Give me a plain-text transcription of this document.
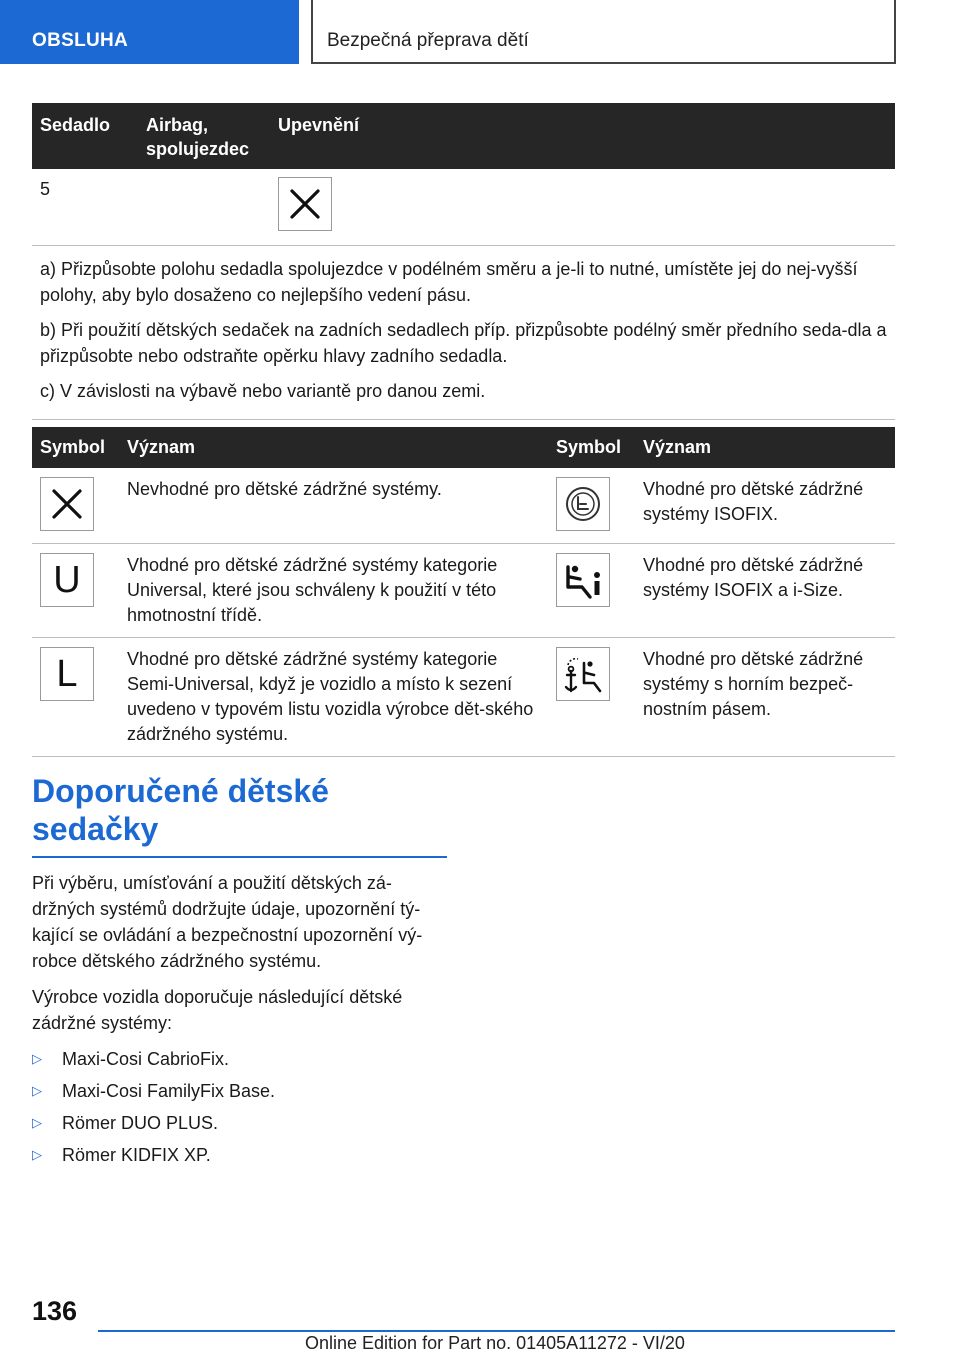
OBSLUHA	Bezpečná přeprava dětí
Sedadlo	Airbag, spolujezdec	Upevnění
5		

a) Přizpůsobte polohu sedadla spolujezdce v podélném směru a je-li to nutné, umístěte jej do nej-vyšší polohy, aby bylo dosaženo co nejlepšího vedení pásu.

b) Při použití dětských sedaček na zadních sedadlech příp. přizpůsobte podélný směr předního seda-dla a přizpůsobte nebo odstraňte opěrku hlavy zadního sedadla.

c) V závislosti na výbavě nebo variantě pro danou zemi.		

Symbol	Význam	Symbol	Význam

	Nevhodné pro dětské zádržné systémy.		Vhodné pro dětské zádržné systémy ISOFIX.

U	Vhodné pro dětské zádržné systémy kategorie Universal, které jsou schváleny k použití v této hmotnostní třídě.		Vhodné pro dětské zádržné systémy ISOFIX a i-Size.

L	Vhodné pro dětské zádržné systémy kategorie Semi-Universal, když je vozidlo a místo k sezení uvedeno v typovém listu vozidla výrobce dět-ského zádržného systému.		Vhodné pro dětské zádržné systémy s horním bezpeč-nostním pásem.
Doporučené dětské sedačky

Při výběru, umísťování a použití dětských zá-držných systémů dodržujte údaje, upozornění tý-kající se ovládání a bezpečnostní upozornění vý-robce dětského zádržného systému.

Výrobce vozidla doporučuje následující dětské zádržné systémy:

▷	Maxi-Cosi CabrioFix.
▷	Maxi-Cosi FamilyFix Base.
▷	Römer DUO PLUS.
▷	Römer KIDFIX XP.
136
Online Edition for Part no. 01405A11272 - VI/20
